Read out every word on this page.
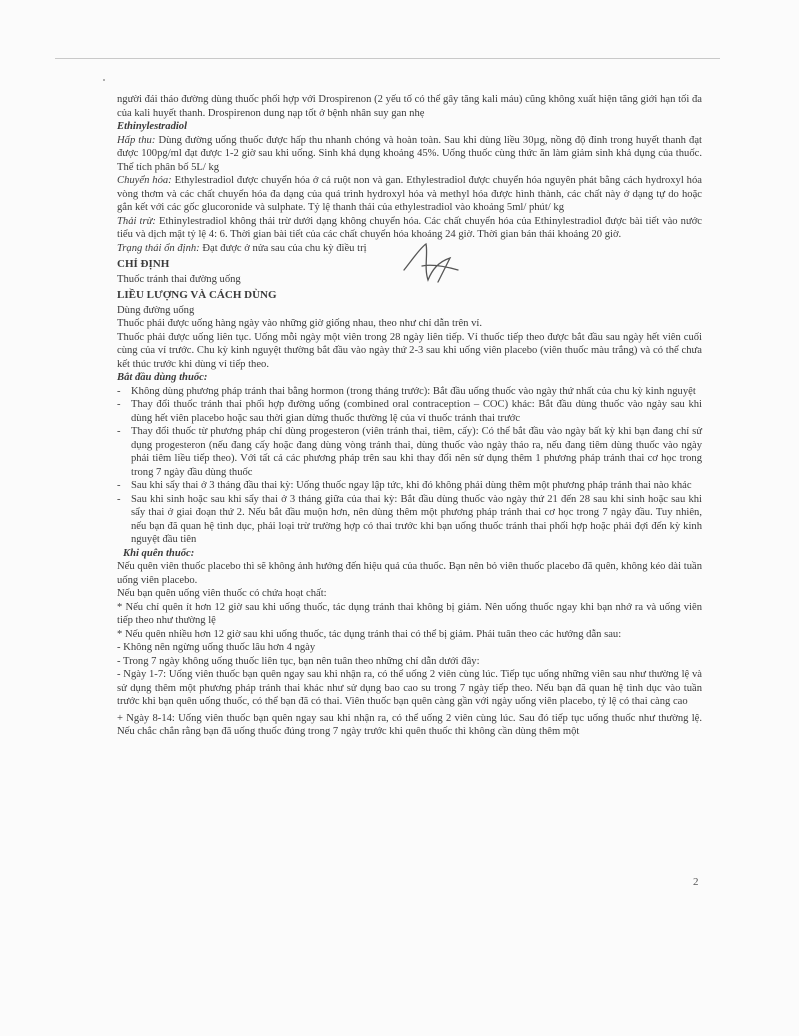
người đái tháo đường dùng thuốc phối hợp với Drospirenon (2 yếu tố có thể gây tăng kali máu) cũng không xuất hiện tăng giới hạn tối đa của kali huyết thanh. Drospirenon dung nạp tốt ở bệnh nhân suy gan nhẹ

Ethinylestradiol

Hấp thu: Dùng đường uống thuốc được hấp thu nhanh chóng và hoàn toàn. Sau khi dùng liều 30µg, nồng độ đỉnh trong huyết thanh đạt được 100pg/ml đạt được 1-2 giờ sau khi uống. Sinh khả dụng khoảng 45%. Uống thuốc cùng thức ăn làm giảm sinh khả dụng của thuốc. Thể tích phân bố 5L/ kg

Chuyển hóa: Ethylestradiol được chuyển hóa ở cả ruột non và gan. Ethylestradiol được chuyển hóa nguyên phát bằng cách hydroxyl hóa vòng thơm và các chất chuyển hóa đa dạng của quá trình hydroxyl hóa và methyl hóa được hình thành, các chất này ở dạng tự do hoặc gắn kết với các gốc glucoronide và sulphate. Tỷ lệ thanh thải của ethylestradiol vào khoảng 5ml/ phút/ kg

Thải trừ: Ethinylestradiol không thải trừ dưới dạng không chuyển hóa. Các chất chuyển hóa của Ethinylestradiol được bài tiết vào nước tiểu và dịch mật tỷ lệ 4: 6. Thời gian bài tiết của các chất chuyển hóa khoảng 24 giờ. Thời gian bán thải khoảng 20 giờ.

Trạng thái ổn định: Đạt được ở nửa sau của chu kỳ điều trị

CHỈ ĐỊNH

Thuốc tránh thai đường uống

LIỀU LƯỢNG VÀ CÁCH DÙNG

Dùng đường uống

Thuốc phải được uống hàng ngày vào những giờ giống nhau, theo như chỉ dẫn trên vỉ.

Thuốc phải được uống liên tục. Uống mỗi ngày một viên trong 28 ngày liên tiếp. Vỉ thuốc tiếp theo được bắt đầu sau ngày hết viên cuối cùng của vỉ trước. Chu kỳ kinh nguyệt thường bắt đầu vào ngày thứ 2-3 sau khi uống viên placebo (viên thuốc màu trắng) và có thể chưa kết thúc trước khi dùng vỉ tiếp theo.

Bắt đầu dùng thuốc:

- Không dùng phương pháp tránh thai bằng hormon (trong tháng trước): Bắt đầu uống thuốc vào ngày thứ nhất của chu kỳ kinh nguyệt
- Thay đổi thuốc tránh thai phối hợp đường uống (combined oral contraception – COC) khác: Bắt đầu dùng thuốc vào ngày sau khi dùng hết viên placebo hoặc sau thời gian dừng thuốc thường lệ của vỉ thuốc tránh thai trước
- Thay đổi thuốc từ phương pháp chỉ dùng progesteron (viên tránh thai, tiêm, cấy): Có thể bắt đầu vào ngày bất kỳ khi bạn đang chỉ sử dụng progesteron (nếu đang cấy hoặc đang dùng vòng tránh thai, dùng thuốc vào ngày tháo ra, nếu đang tiêm dùng thuốc vào ngày phải tiêm liều tiếp theo). Với tất cả các phương pháp trên sau khi thay đổi nên sử dụng thêm 1 phương pháp tránh thai cơ học trong trong 7 ngày đầu dùng thuốc
- Sau khi sẩy thai ở 3 tháng đầu thai kỳ: Uống thuốc ngay lập tức, khi đó không phải dùng thêm một phương pháp tránh thai nào khác
- Sau khi sinh hoặc sau khi sẩy thai ở 3 tháng giữa của thai kỳ: Bắt đầu dùng thuốc vào ngày thứ 21 đến 28 sau khi sinh hoặc sau khi sẩy thai ở giai đoạn thứ 2. Nếu bắt đầu muộn hơn, nên dùng thêm một phương pháp tránh thai cơ học trong 7 ngày đầu. Tuy nhiên, nếu bạn đã quan hệ tình dục, phải loại trừ trường hợp có thai trước khi bạn uống thuốc tránh thai phối hợp hoặc phải đợi đến kỳ kinh nguyệt đầu tiên

Khi quên thuốc:

Nếu quên viên thuốc placebo thì sẽ không ảnh hưởng đến hiệu quả của thuốc. Bạn nên bỏ viên thuốc placebo đã quên, không kéo dài tuần uống viên placebo.

Nếu bạn quên uống viên thuốc có chứa hoạt chất:

* Nếu chỉ quên ít hơn 12 giờ sau khi uống thuốc, tác dụng tránh thai không bị giảm. Nên uống thuốc ngay khi bạn nhớ ra và uống viên tiếp theo như thường lệ

* Nếu quên nhiều hơn 12 giờ sau khi uống thuốc, tác dụng tránh thai có thể bị giảm. Phải tuân theo các hướng dẫn sau:

- Không nên ngừng uống thuốc lâu hơn 4 ngày

- Trong 7 ngày không uống thuốc liên tục, bạn nên tuân theo những chỉ dẫn dưới đây:

- Ngày 1-7: Uống viên thuốc bạn quên ngay sau khi nhận ra, có thể uống 2 viên cùng lúc. Tiếp tục uống những viên sau như thường lệ và sử dụng thêm một phương pháp tránh thai khác như sử dụng bao cao su trong 7 ngày tiếp theo. Nếu bạn đã quan hệ tình dục vào tuần trước khi bạn quên uống thuốc, có thể bạn đã có thai. Viên thuốc bạn quên càng gần với ngày uống viên placebo, tỷ lệ có thai càng cao

+ Ngày 8-14: Uống viên thuốc bạn quên ngay sau khi nhận ra, có thể uống 2 viên cùng lúc. Sau đó tiếp tục uống thuốc như thường lệ. Nếu chắc chắn rằng bạn đã uống thuốc đúng trong 7 ngày trước khi quên thuốc thì không cần dùng thêm một

2
